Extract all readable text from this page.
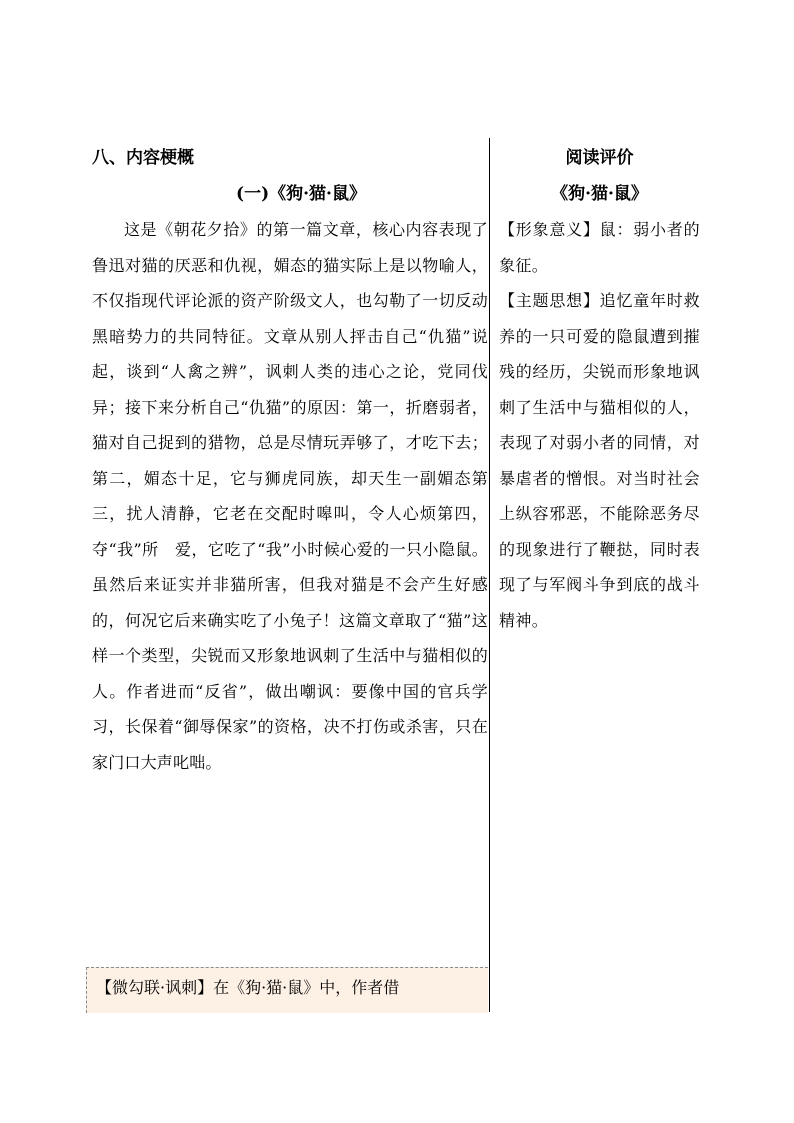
八、内容梗概

(一)《狗·猫·鼠》

这是《朝花夕拾》的第一篇文章，核心内容表现了鲁迅对猫的厌恶和仇视，媚态的猫实际上是以物喻人，不仅指现代评论派的资产阶级文人，也勾勒了一切反动黑暗势力的共同特征。文章从别人抨击自己“仇猫”说起，谈到“人禽之辨”，讽刺人类的违心之论，党同伐异；接下来分析自己“仇猫”的原因：第一，折磨弱者，猫对自己捉到的猎物，总是尽情玩弄够了，才吃下去；第二，媚态十足，它与狮虎同族，却天生一副媚态第三，扰人清静，它老在交配时嗥叫，令人心烦第四，夺“我”所　爱，它吃了“我”小时候心爱的一只小隐鼠。虽然后来证实并非猫所害，但我对猫是不会产生好感的，何况它后来确实吃了小兔子！这篇文章取了“猫”这样一个类型，尖锐而又形象地讽刺了生活中与猫相似的人。作者进而“反省”，做出嘲讽：要像中国的官兵学习，长保着“御辱保家”的资格，决不打伤或杀害，只在家门口大声叱咄。

【微勾联·讽刺】在《狗·猫·鼠》中，作者借

阅读评价

《狗·猫·鼠》

【形象意义】鼠：弱小者的象征。

【主题思想】追忆童年时救养的一只可爱的隐鼠遭到摧残的经历，尖锐而形象地讽刺了生活中与猫相似的人，表现了对弱小者的同情，对暴虐者的憎恨。对当时社会上纵容邪恶，不能除恶务尽的现象进行了鞭挞，同时表现了与军阀斗争到底的战斗精神。
